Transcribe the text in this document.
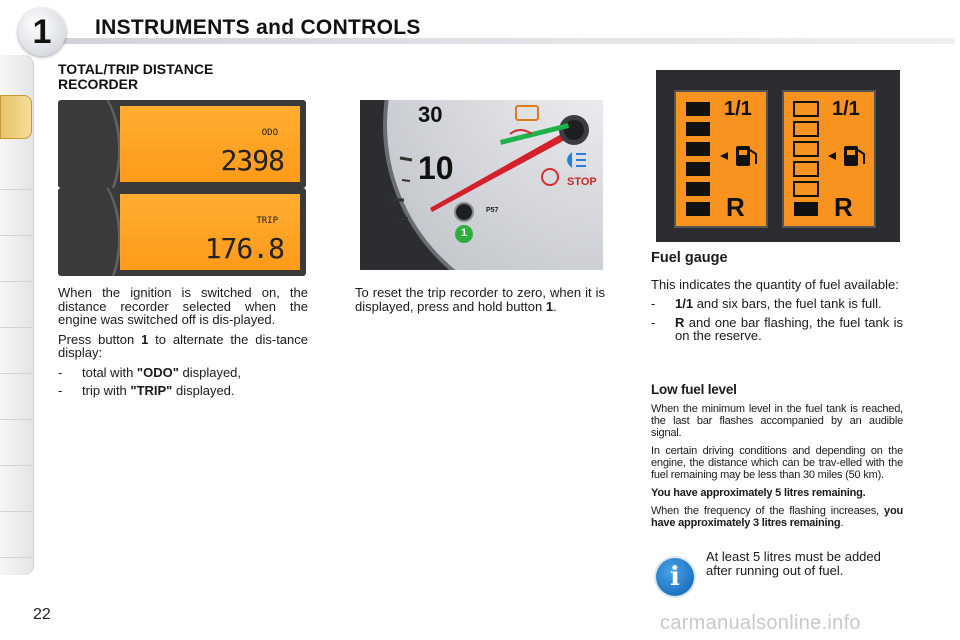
1	INSTRUMENTS and CONTROLS
TOTAL/TRIP DISTANCE
RECORDER
ODO
2398
TRIP
176.8
30
10
1
P57
STOP
1/1
R
1/1
R

When the ignition is switched on, the distance recorder selected when the engine was switched off is dis-played.

Press button 1 to alternate the dis-tance display:

-	total with "ODO" displayed,
-	trip with "TRIP" displayed.

To reset the trip recorder to zero, when it is displayed, press and hold button 1.

Fuel gauge

This indicates the quantity of fuel available:

-	1/1 and six bars, the fuel tank is full.
-	R and one bar flashing, the fuel tank is on the reserve.
Low fuel level

When the minimum level in the fuel tank is reached, the last bar flashes accompanied by an audible signal.

In certain driving conditions and depending on the engine, the distance which can be trav-elled with the fuel remaining may be less than 30 miles (50 km).

You have approximately 5 litres remaining.

When the frequency of the flashing increases, you have approximately 3 litres remaining.

i
At least 5 litres must be added after running out of fuel.
22	carmanualsonline.info
